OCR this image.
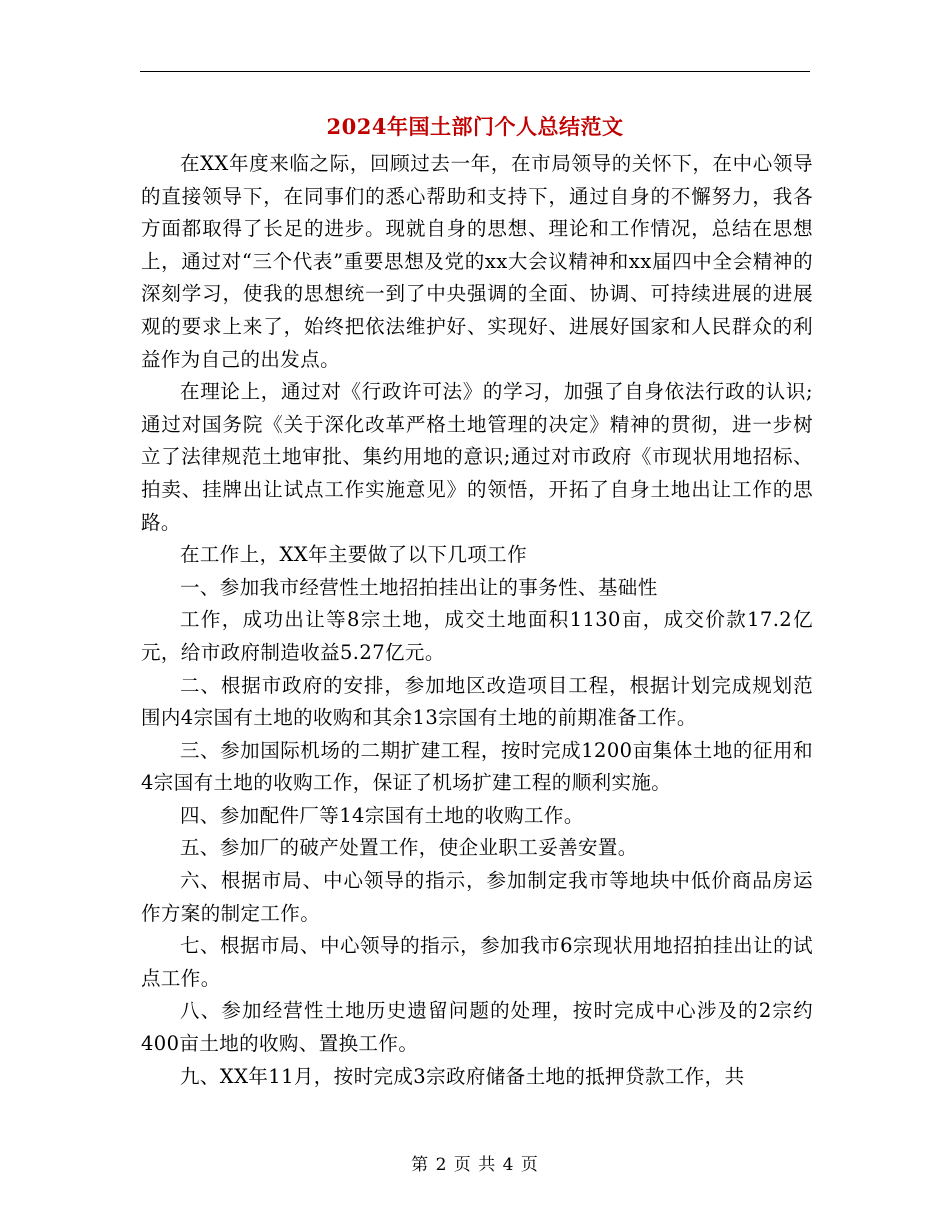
2024年国土部门个人总结范文

在XX年度来临之际，回顾过去一年，在市局领导的关怀下，在中心领导的直接领导下，在同事们的悉心帮助和支持下，通过自身的不懈努力，我各方面都取得了长足的进步。现就自身的思想、理论和工作情况，总结在思想上，通过对“三个代表”重要思想及党的xx大会议精神和xx届四中全会精神的深刻学习，使我的思想统一到了中央强调的全面、协调、可持续进展的进展观的要求上来了，始终把依法维护好、实现好、进展好国家和人民群众的利益作为自己的出发点。

在理论上，通过对《行政许可法》的学习，加强了自身依法行政的认识;通过对国务院《关于深化改革严格土地管理的决定》精神的贯彻，进一步树立了法律规范土地审批、集约用地的意识;通过对市政府《市现状用地招标、拍卖、挂牌出让试点工作实施意见》的领悟，开拓了自身土地出让工作的思路。

在工作上，XX年主要做了以下几项工作

一、参加我市经营性土地招拍挂出让的事务性、基础性

工作，成功出让等8宗土地，成交土地面积1130亩，成交价款17.2亿元，给市政府制造收益5.27亿元。

二、根据市政府的安排，参加地区改造项目工程，根据计划完成规划范围内4宗国有土地的收购和其余13宗国有土地的前期准备工作。

三、参加国际机场的二期扩建工程，按时完成1200亩集体土地的征用和4宗国有土地的收购工作，保证了机场扩建工程的顺利实施。

四、参加配件厂等14宗国有土地的收购工作。

五、参加厂的破产处置工作，使企业职工妥善安置。

六、根据市局、中心领导的指示，参加制定我市等地块中低价商品房运作方案的制定工作。

七、根据市局、中心领导的指示，参加我市6宗现状用地招拍挂出让的试点工作。

八、参加经营性土地历史遗留问题的处理，按时完成中心涉及的2宗约400亩土地的收购、置换工作。

九、XX年11月，按时完成3宗政府储备土地的抵押贷款工作，共

第 2 页 共 4 页
